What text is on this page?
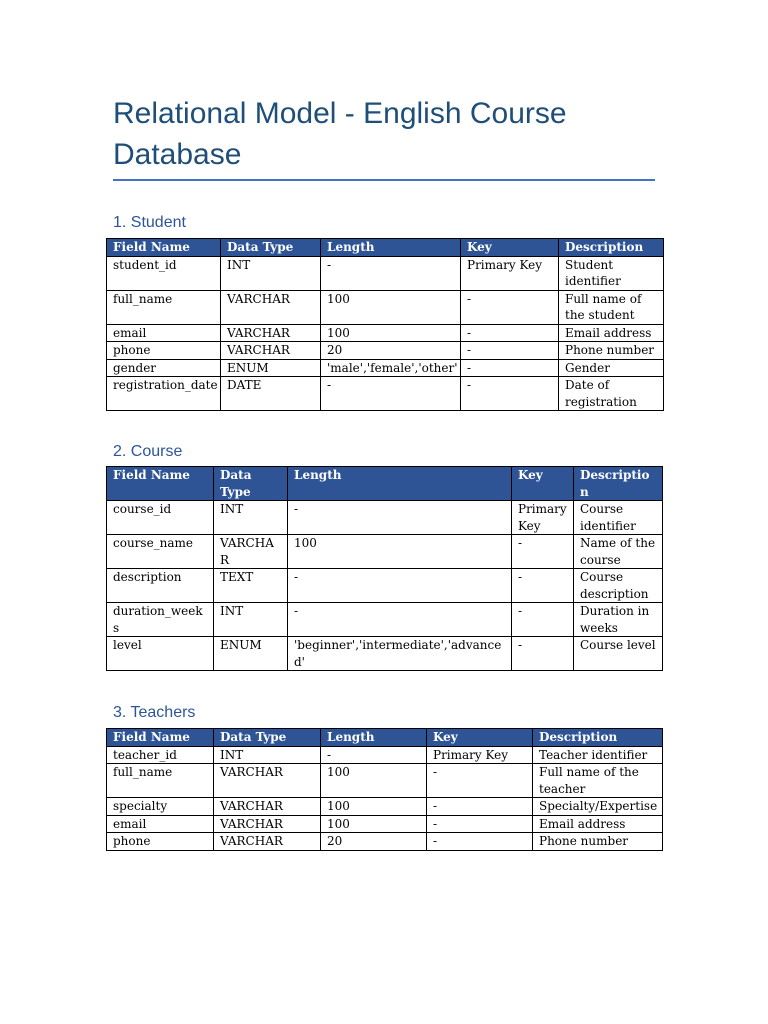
Relational Model - English Course Database
1. Student
Field Name	Data Type	Length	Key	Description
student_id	INT	-	Primary Key	Student identifier
full_name	VARCHAR	100	-	Full name of the student
email	VARCHAR	100	-	Email address
phone	VARCHAR	20	-	Phone number
gender	ENUM	'male','female','other'	-	Gender
registration_date	DATE	-	-	Date of registration
2. Course
Field Name	Data Type	Length	Key	Description
course_id	INT	-	Primary Key	Course identifier
course_name	VARCHAR	100	-	Name of the course
description	TEXT	-	-	Course description
duration_weeks	INT	-	-	Duration in weeks
level	ENUM	'beginner','intermediate','advanced'	-	Course level
3. Teachers
Field Name	Data Type	Length	Key	Description
teacher_id	INT	-	Primary Key	Teacher identifier
full_name	VARCHAR	100	-	Full name of the teacher
specialty	VARCHAR	100	-	Specialty/Expertise
email	VARCHAR	100	-	Email address
phone	VARCHAR	20	-	Phone number
